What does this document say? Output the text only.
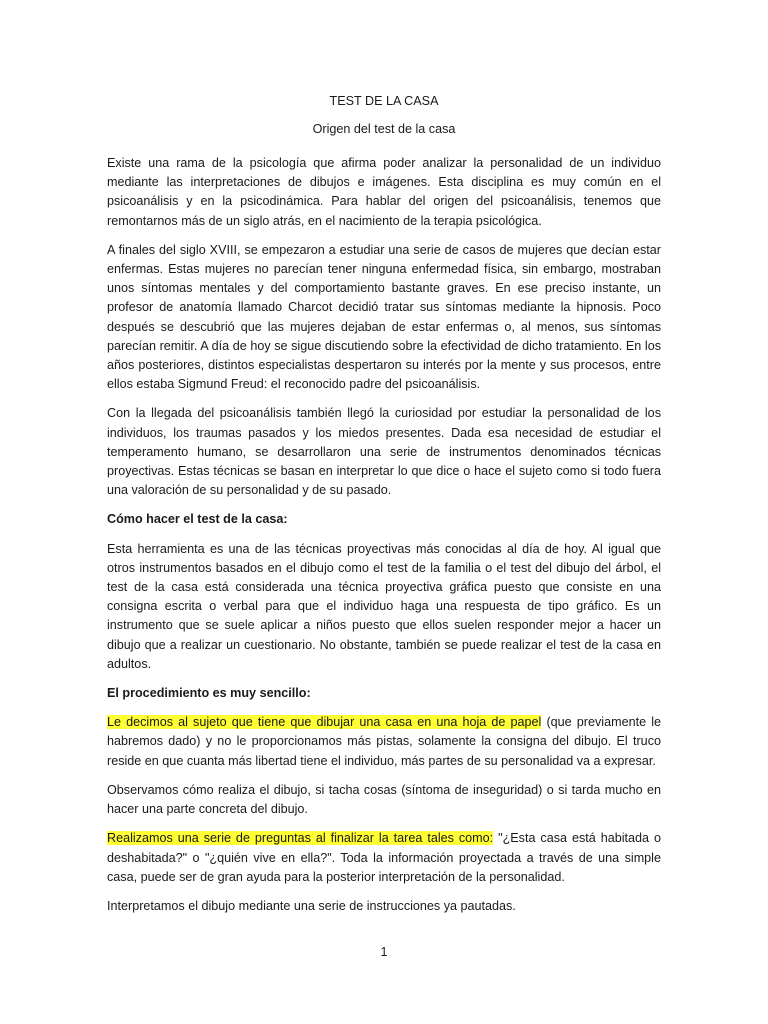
TEST DE LA CASA
Origen del test de la casa

Existe una rama de la psicología que afirma poder analizar la personalidad de un individuo mediante las interpretaciones de dibujos e imágenes. Esta disciplina es muy común en el psicoanálisis y en la psicodinámica. Para hablar del origen del psicoanálisis, tenemos que remontarnos más de un siglo atrás, en el nacimiento de la terapia psicológica.

A finales del siglo XVIII, se empezaron a estudiar una serie de casos de mujeres que decían estar enfermas. Estas mujeres no parecían tener ninguna enfermedad física, sin embargo, mostraban unos síntomas mentales y del comportamiento bastante graves. En ese preciso instante, un profesor de anatomía llamado Charcot decidió tratar sus síntomas mediante la hipnosis. Poco después se descubrió que las mujeres dejaban de estar enfermas o, al menos, sus síntomas parecían remitir. A día de hoy se sigue discutiendo sobre la efectividad de dicho tratamiento. En los años posteriores, distintos especialistas despertaron su interés por la mente y sus procesos, entre ellos estaba Sigmund Freud: el reconocido padre del psicoanálisis.

Con la llegada del psicoanálisis también llegó la curiosidad por estudiar la personalidad de los individuos, los traumas pasados y los miedos presentes. Dada esa necesidad de estudiar el temperamento humano, se desarrollaron una serie de instrumentos denominados técnicas proyectivas. Estas técnicas se basan en interpretar lo que dice o hace el sujeto como si todo fuera una valoración de su personalidad y de su pasado.

Cómo hacer el test de la casa:

Esta herramienta es una de las técnicas proyectivas más conocidas al día de hoy. Al igual que otros instrumentos basados en el dibujo como el test de la familia o el test del dibujo del árbol, el test de la casa está considerada una técnica proyectiva gráfica puesto que consiste en una consigna escrita o verbal para que el individuo haga una respuesta de tipo gráfico. Es un instrumento que se suele aplicar a niños puesto que ellos suelen responder mejor a hacer un dibujo que a realizar un cuestionario. No obstante, también se puede realizar el test de la casa en adultos.

El procedimiento es muy sencillo:

Le decimos al sujeto que tiene que dibujar una casa en una hoja de papel (que previamente le habremos dado) y no le proporcionamos más pistas, solamente la consigna del dibujo. El truco reside en que cuanta más libertad tiene el individuo, más partes de su personalidad va a expresar.

Observamos cómo realiza el dibujo, si tacha cosas (síntoma de inseguridad) o si tarda mucho en hacer una parte concreta del dibujo.

Realizamos una serie de preguntas al finalizar la tarea tales como: "¿Esta casa está habitada o deshabitada?" o "¿quién vive en ella?". Toda la información proyectada a través de una simple casa, puede ser de gran ayuda para la posterior interpretación de la personalidad.

Interpretamos el dibujo mediante una serie de instrucciones ya pautadas.

1
